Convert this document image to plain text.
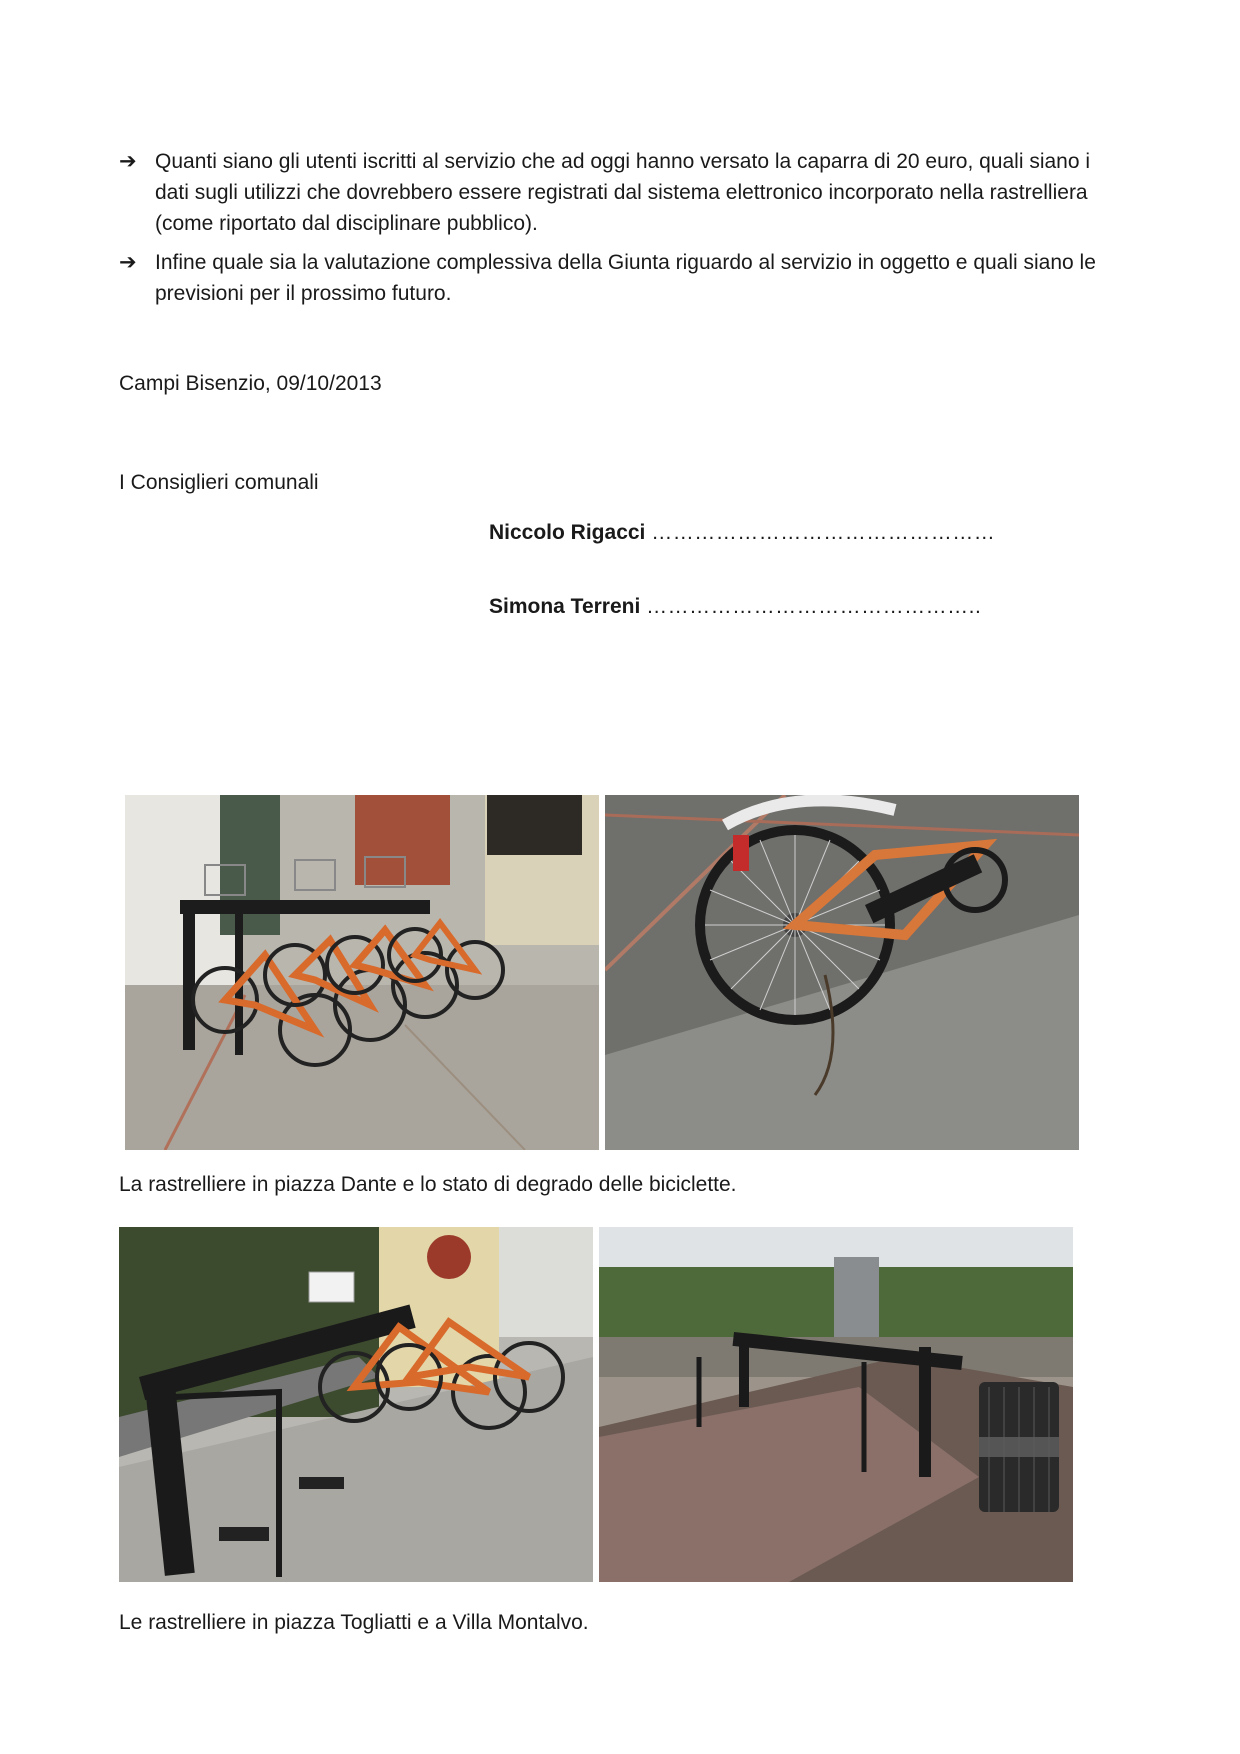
➔ Quanti siano gli utenti iscritti al servizio che ad oggi hanno versato la caparra di 20 euro, quali siano i dati sugli utilizzi che dovrebbero essere registrati dal sistema elettronico incorporato nella rastrelliera (come riportato dal disciplinare pubblico).
➔ Infine quale sia la valutazione complessiva della Giunta riguardo al servizio in oggetto e quali siano le previsioni per il prossimo futuro.
Campi Bisenzio, 09/10/2013
I Consiglieri comunali
Niccolo Rigacci …………………………………………
Simona Terreni ………………………………………..
La rastrelliere in piazza Dante e lo stato di degrado delle biciclette.
Le rastrelliere in piazza Togliatti e a Villa Montalvo.
